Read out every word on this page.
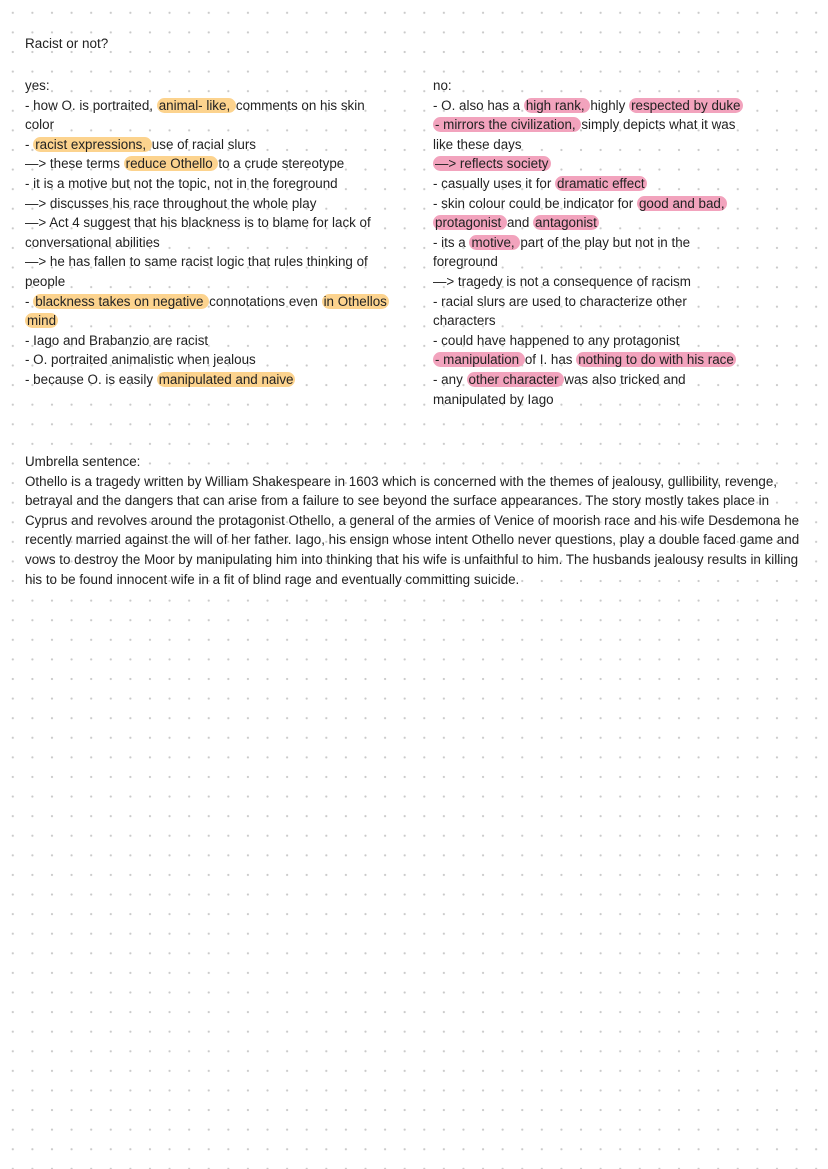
Racist or not?
yes:
- how O. is portraited, animal- like, comments on his skin
color
- racist expressions, use of racial slurs
—> these terms reduce Othello to a crude stereotype
- it is a motive but not the topic, not in the foreground
—> discusses his race throughout the whole play
—> Act 4 suggest that his blackness is to blame for lack of
conversational abilities
—> he has fallen to same racist logic that rules thinking of
people
- blackness takes on negative connotations even in Othellos
mind
- Iago and Brabanzio are racist
- O. portraited animalistic when jealous
- because O. is easily manipulated and naive
no:
- O. also has a high rank, highly respected by duke
- mirrors the civilization, simply depicts what it was
like these days
—> reflects society
- casually uses it for dramatic effect
- skin colour could be indicator for good and bad,
protagonist and antagonist
- its a motive, part of the play but not in the
foreground
—> tragedy is not a consequence of racism
- racial slurs are used to characterize other
characters
- could have happened to any protagonist
- manipulation of I. has nothing to do with his race
- any other character was also tricked and
manipulated by Iago
Umbrella sentence:

Othello is a tragedy written by William Shakespeare in 1603 which is concerned with the themes of jealousy, gullibility, revenge, betrayal and the dangers that can arise from a failure to see beyond the surface appearances. The story mostly takes place in Cyprus and revolves around the protagonist Othello, a general of the armies of Venice of moorish race and his wife Desdemona he recently married against the will of her father. Iago, his ensign whose intent Othello never questions, play a double faced game and vows to destroy the Moor by manipulating him into thinking that his wife is unfaithful to him. The husbands jealousy results in killing his to be found innocent wife in a fit of blind rage and eventually committing suicide.
